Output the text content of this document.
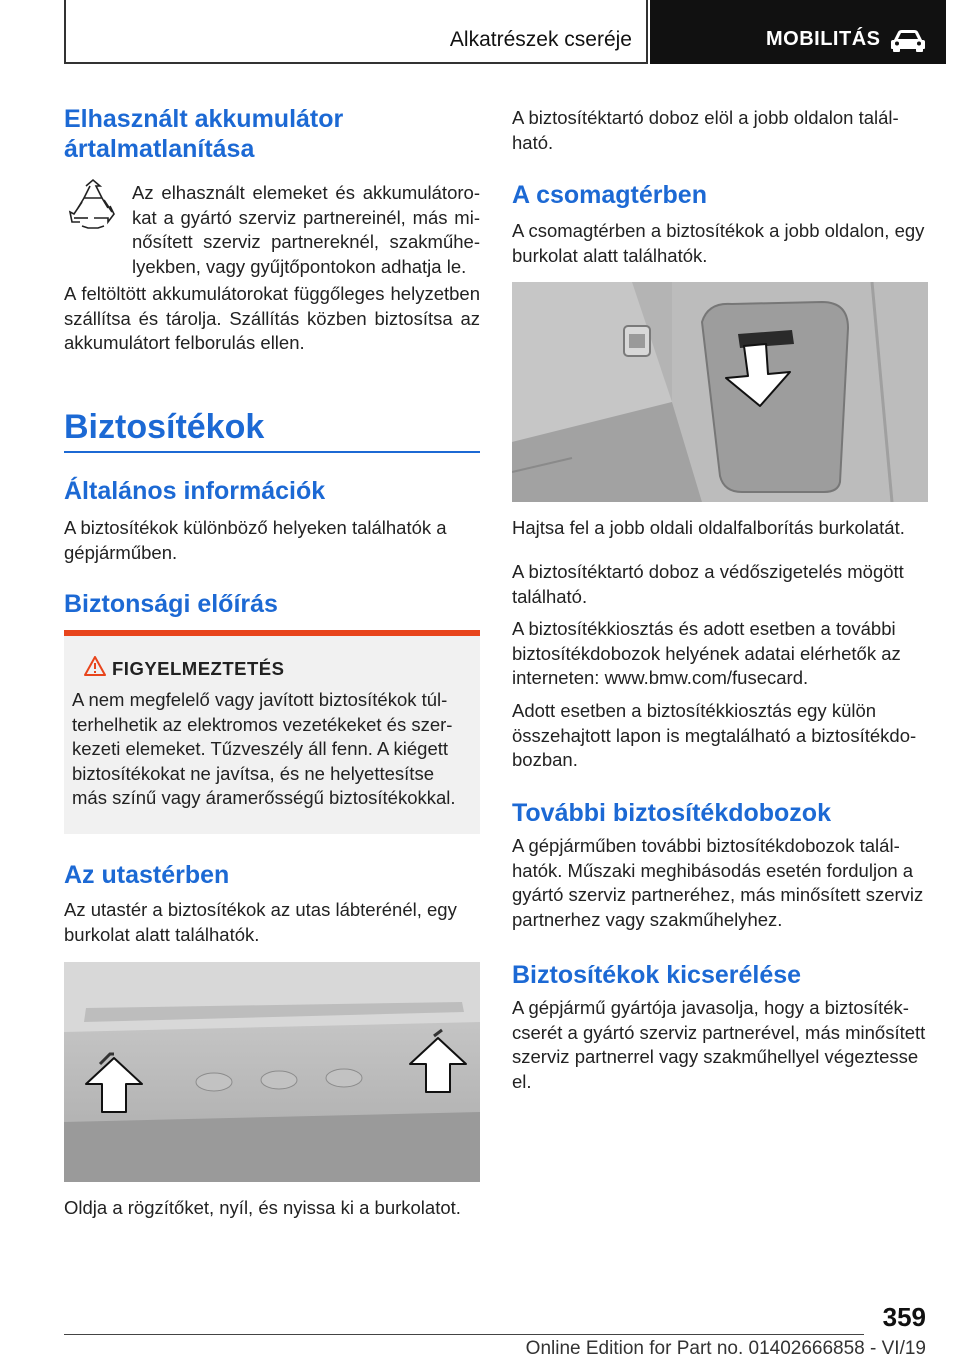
Alkatrészek cseréje	MOBILITÁS
Elhasznált akkumulátor ártalmatlanítása

Az elhasznált elemeket és akkumulátorokat a gyártó szerviz partnereinél, más minősített szerviz partnereknél, szakműhelyekben, vagy gyűjtőpontokon adhatja le.

A feltöltött akkumulátorokat függőleges helyzetben szállítsa és tárolja. Szállítás közben biztosítsa az akkumulátort felborulás ellen.

Biztosítékok
Általános információk

A biztosítékok különböző helyeken találhatók a gépjárműben.

Biztonsági előírás
FIGYELMEZTETÉS

A nem megfelelő vagy javított biztosítékok túlterhelhetik az elektromos vezetékeket és szerkezeti elemeket. Tűzveszély áll fenn. A kiégett biztosítékokat ne javítsa, és ne helyettesítse más színű vagy áramerősségű biztosítékokkal.

Az utastérben

Az utastér a biztosítékok az utas lábterénél, egy burkolat alatt találhatók.

Oldja a rögzítőket, nyíl, és nyissa ki a burkolatot.

A biztosítéktartó doboz elöl a jobb oldalon található.

A csomagtérben

A csomagtérben a biztosítékok a jobb oldalon, egy burkolat alatt találhatók.

Hajtsa fel a jobb oldali oldalfalborítás burkolatát.

A biztosítéktartó doboz a védőszigetelés mögött található.

A biztosítékkiosztás és adott esetben a további biztosítékdobozok helyének adatai elérhetők az interneten: www.bmw.com/fusecard.

Adott esetben a biztosítékkiosztás egy külön összehajtott lapon is megtalálható a biztosítékdobozban.

További biztosítékdobozok

A gépjárműben további biztosítékdobozok találhatók. Műszaki meghibásodás esetén forduljon a gyártó szerviz partneréhez, más minősített szerviz partnerhez vagy szakműhelyhez.

Biztosítékok kicserélése

A gépjármű gyártója javasolja, hogy a biztosítékcserét a gyártó szerviz partnerével, más minősített szerviz partnerrel vagy szakműhellyel végeztesse el.

359
Online Edition for Part no. 01402666858 - VI/19
